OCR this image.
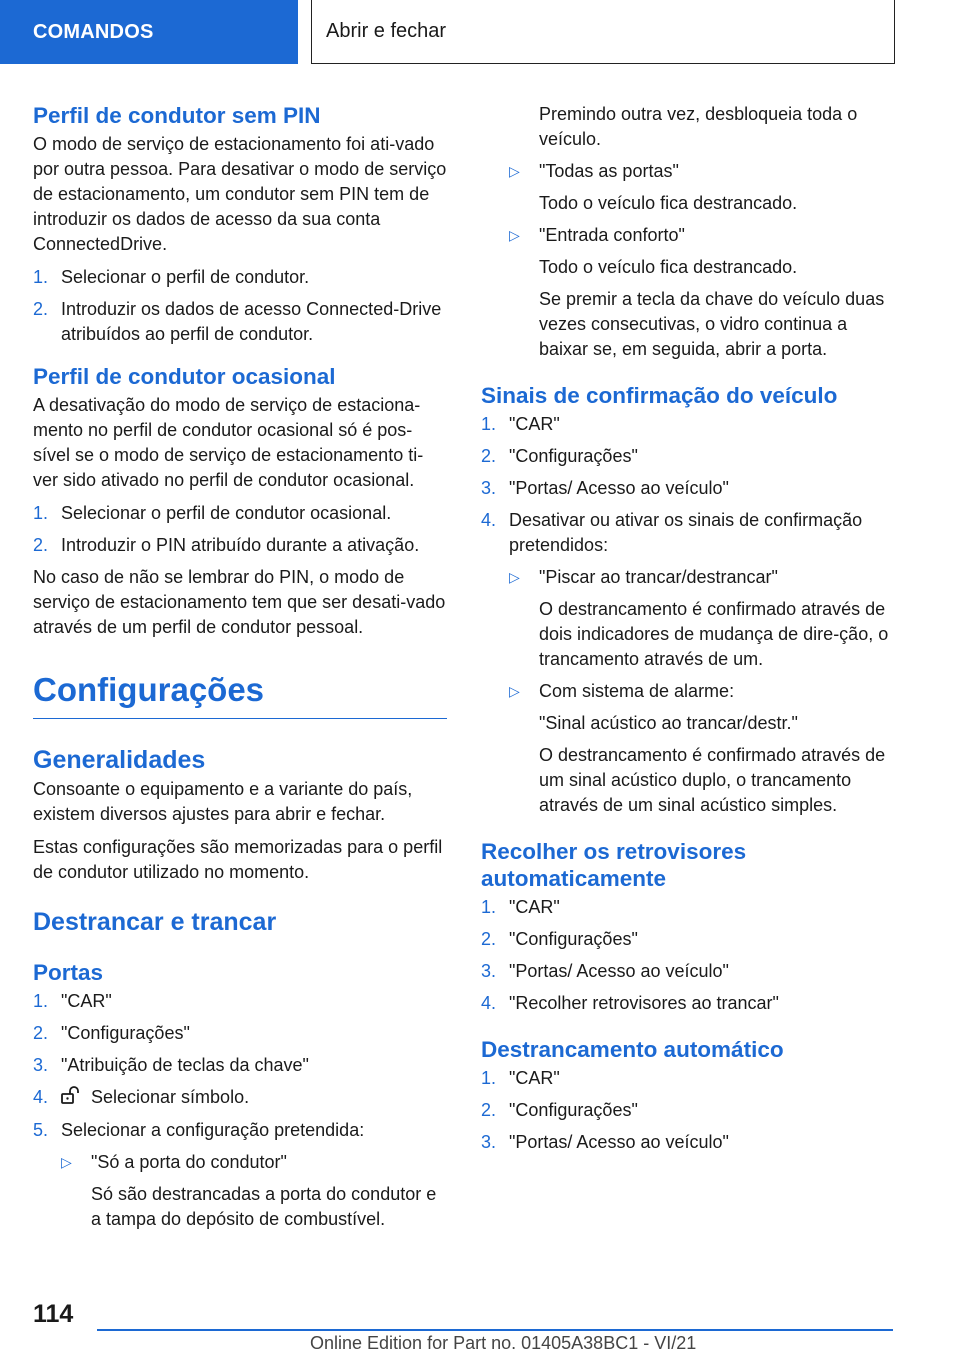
COMANDOS	Abrir e fechar
Perfil de condutor sem PIN
O modo de serviço de estacionamento foi ati-vado por outra pessoa. Para desativar o modo de serviço de estacionamento, um condutor sem PIN tem de introduzir os dados de acesso da sua conta ConnectedDrive.
1. Selecionar o perfil de condutor.
2. Introduzir os dados de acesso Connected-Drive atribuídos ao perfil de condutor.
Perfil de condutor ocasional
A desativação do modo de serviço de estaciona-mento no perfil de condutor ocasional só é pos-sível se o modo de serviço de estacionamento ti-ver sido ativado no perfil de condutor ocasional.
1. Selecionar o perfil de condutor ocasional.
2. Introduzir o PIN atribuído durante a ativação.
No caso de não se lembrar do PIN, o modo de serviço de estacionamento tem que ser desati-vado através de um perfil de condutor pessoal.
Configurações
Generalidades
Consoante o equipamento e a variante do país, existem diversos ajustes para abrir e fechar.
Estas configurações são memorizadas para o perfil de condutor utilizado no momento.
Destrancar e trancar
Portas
1. "CAR"
2. "Configurações"
3. "Atribuição de teclas da chave"
4.	Selecionar símbolo.
5. Selecionar a configuração pretendida:
▷	"Só a porta do condutor"
Só são destrancadas a porta do condutor e a tampa do depósito de combustível.
Premindo outra vez, desbloqueia toda o veículo.
▷	"Todas as portas"
Todo o veículo fica destrancado.
▷	"Entrada conforto"
Todo o veículo fica destrancado.
Se premir a tecla da chave do veículo duas vezes consecutivas, o vidro continua a baixar se, em seguida, abrir a porta.
Sinais de confirmação do veículo
1. "CAR"
2. "Configurações"
3. "Portas/ Acesso ao veículo"
4. Desativar ou ativar os sinais de confirmação pretendidos:
▷	"Piscar ao trancar/destrancar"
O destrancamento é confirmado através de dois indicadores de mudança de dire-ção, o trancamento através de um.
▷	Com sistema de alarme:
"Sinal acústico ao trancar/destr."
O destrancamento é confirmado através de um sinal acústico duplo, o trancamento através de um sinal acústico simples.
Recolher os retrovisores automaticamente
1. "CAR"
2. "Configurações"
3. "Portas/ Acesso ao veículo"
4. "Recolher retrovisores ao trancar"
Destrancamento automático
1. "CAR"
2. "Configurações"
3. "Portas/ Acesso ao veículo"
114
Online Edition for Part no. 01405A38BC1 - VI/21
